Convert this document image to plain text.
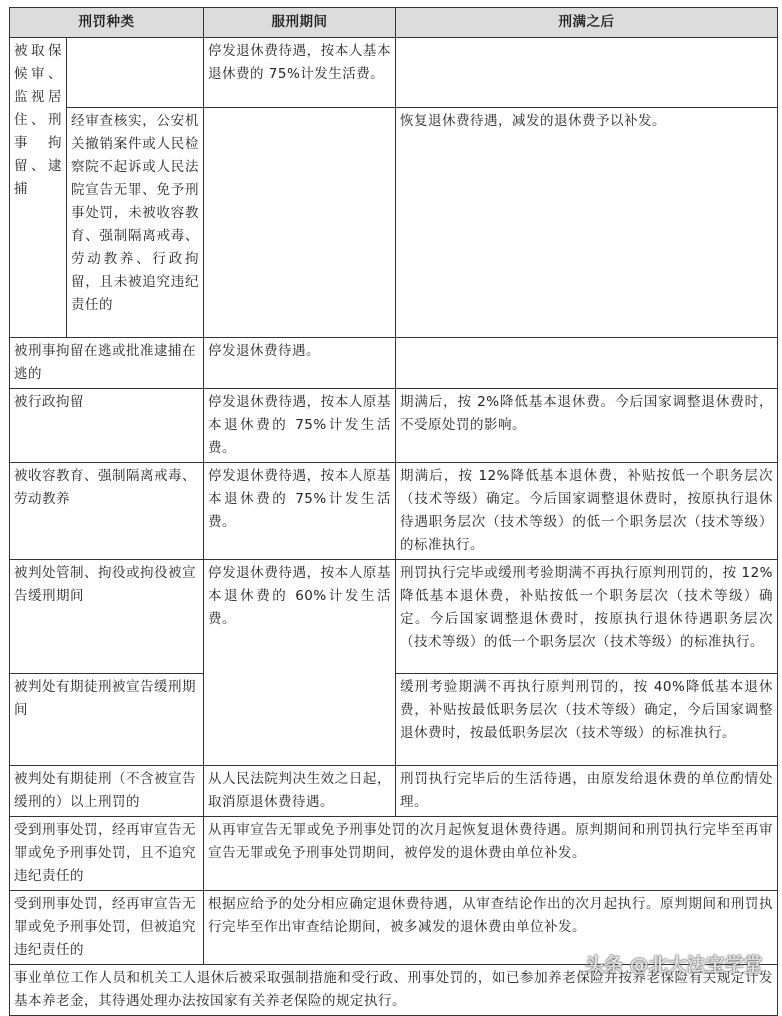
刑罚种类		服刑期间	刑满之后
被取保候审、监视居住、刑事拘留、逮捕		停发退休费待遇，按本人基本退休费的 75%计发生活费。	
	经审查核实，公安机关撤销案件或人民检察院不起诉或人民法院宣告无罪、免予刑事处罚，未被收容教育、强制隔离戒毒、劳动教养、行政拘留，且未被追究违纪责任的		恢复退休费待遇，减发的退休费予以补发。
被刑事拘留在逃或批准逮捕在逃的		停发退休费待遇。	
被行政拘留		停发退休费待遇，按本人原基本退休费的 75%计发生活费。	期满后，按 2%降低基本退休费。今后国家调整退休费时，不受原处罚的影响。
被收容教育、强制隔离戒毒、劳动教养		停发退休费待遇，按本人原基本退休费的 75%计发生活费。	期满后，按 12%降低基本退休费，补贴按低一个职务层次（技术等级）确定。今后国家调整退休费时，按原执行退休待遇职务层次（技术等级）的低一个职务层次（技术等级）的标准执行。
被判处管制、拘役或拘役被宣告缓刑期间		停发退休费待遇，按本人原基本退休费的 60%计发生活费。	刑罚执行完毕或缓刑考验期满不再执行原判刑罚的，按 12%降低基本退休费，补贴按低一个职务层次（技术等级）确定。今后国家调整退休费时，按原执行退休待遇职务层次（技术等级）的低一个职务层次（技术等级）的标准执行。
被判处有期徒刑被宣告缓刑期间			缓刑考验期满不再执行原判刑罚的，按 40%降低基本退休费，补贴按最低职务层次（技术等级）确定，今后国家调整退休费时，按最低职务层次（技术等级）的标准执行。
被判处有期徒刑（不含被宣告缓刑的）以上刑罚的		从人民法院判决生效之日起，取消原退休费待遇。	刑罚执行完毕后的生活待遇，由原发给退休费的单位酌情处理。
受到刑事处罚，经再审宣告无罪或免予刑事处罚，且不追究违纪责任的		从再审宣告无罪或免予刑事处罚的次月起恢复退休费待遇。原判期间和刑罚执行完毕至再审宣告无罪或免予刑事处罚期间，被停发的退休费由单位补发。	
受到刑事处罚，经再审宣告无罪或免予刑事处罚，但被追究违纪责任的		根据应给予的处分相应确定退休费待遇，从审查结论作出的次月起执行。原判期间和刑罚执行完毕至作出审查结论期间，被多减发的退休费由单位补发。	
事业单位工作人员和机关工人退休后被采取强制措施和受行政、刑事处罚的，如已参加养老保险并按养老保险有关规定计发基本养老金，其待遇处理办法按国家有关养老保险的规定执行。			
头条 @北大法宝学堂
